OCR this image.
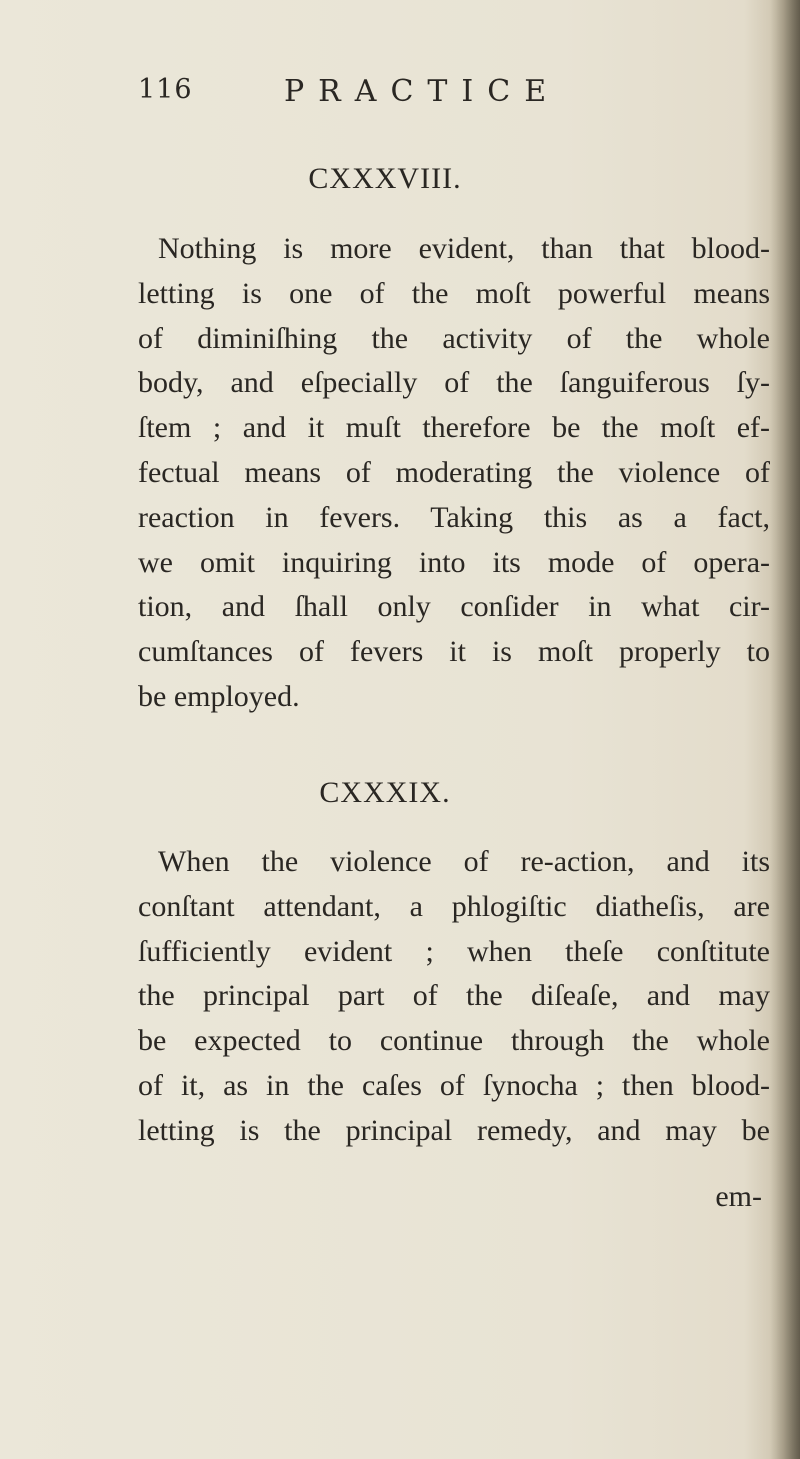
116	PRACTICE
CXXXVIII.
Nothing is more evident, than that blood-
letting is one of the moſt powerful means
of diminiſhing the activity of the whole
body, and eſpecially of the ſanguiferous ſy-
ſtem ; and it muſt therefore be the moſt ef-
fectual means of moderating the violence of
reaction in fevers. Taking this as a fact,
we omit inquiring into its mode of opera-
tion, and ſhall only conſider in what cir-
cumſtances of fevers it is moſt properly to
be employed.
CXXXIX.
When the violence of re-action, and its
conſtant attendant, a phlogiſtic diatheſis, are
ſufficiently evident ; when theſe conſtitute
the principal part of the diſeaſe, and may
be expected to continue through the whole
of it, as in the caſes of ſynocha ; then blood-
letting is the principal remedy, and may be
em-
